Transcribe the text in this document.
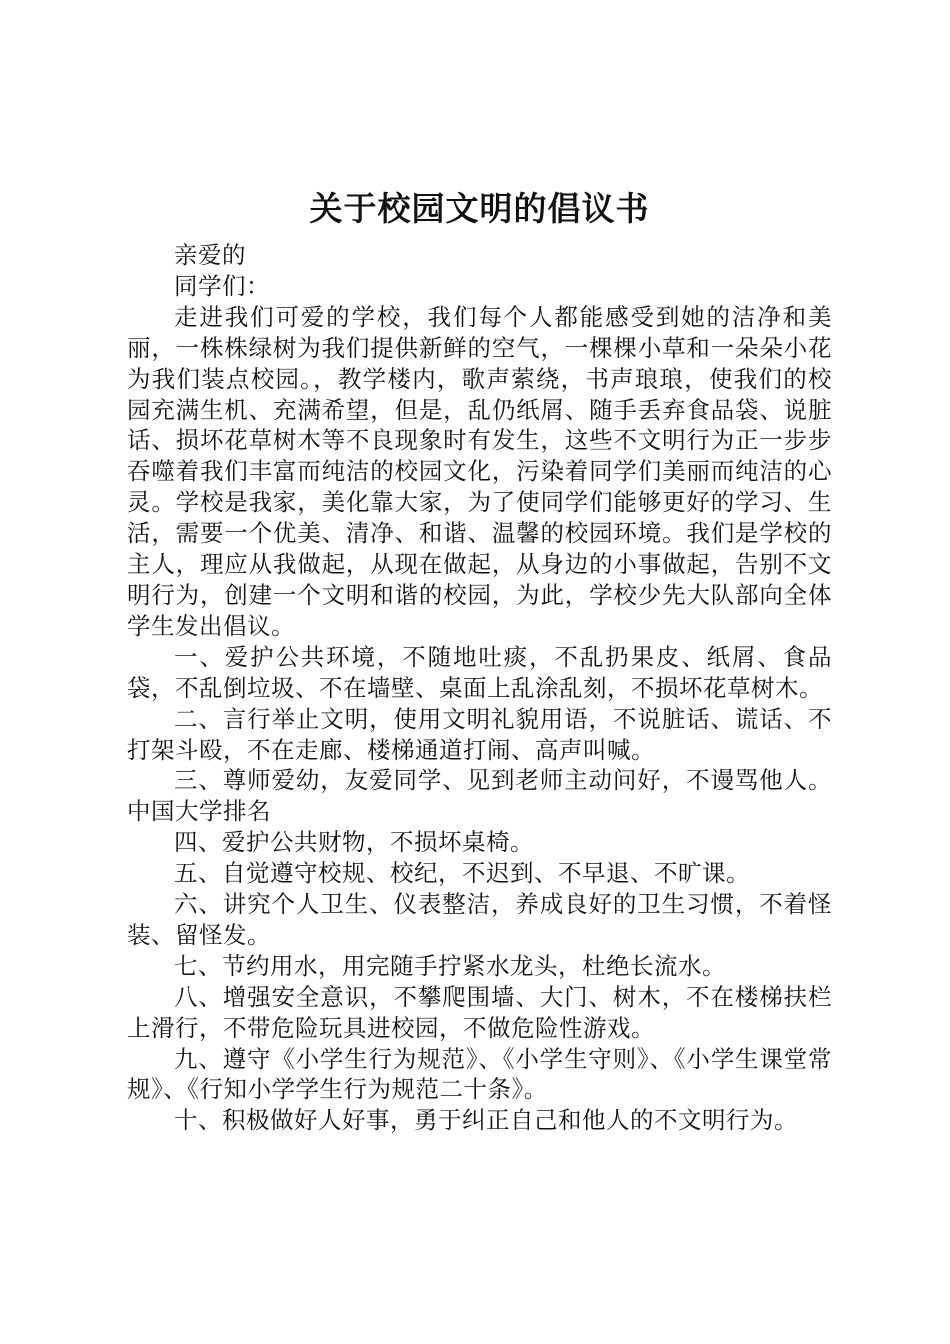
关于校园文明的倡议书

亲爱的

同学们：

走进我们可爱的学校，我们每个人都能感受到她的洁净和美丽，一株株绿树为我们提供新鲜的空气，一棵棵小草和一朵朵小花为我们装点校园。，教学楼内，歌声萦绕，书声琅琅，使我们的校园充满生机、充满希望，但是，乱仍纸屑、随手丢弃食品袋、说脏话、损坏花草树木等不良现象时有发生，这些不文明行为正一步步吞噬着我们丰富而纯洁的校园文化，污染着同学们美丽而纯洁的心灵。学校是我家，美化靠大家，为了使同学们能够更好的学习、生活，需要一个优美、清净、和谐、温馨的校园环境。我们是学校的主人，理应从我做起，从现在做起，从身边的小事做起，告别不文明行为，创建一个文明和谐的校园，为此，学校少先大队部向全体学生发出倡议。

一、爱护公共环境，不随地吐痰，不乱扔果皮、纸屑、食品袋，不乱倒垃圾、不在墙壁、桌面上乱涂乱刻，不损坏花草树木。

二、言行举止文明，使用文明礼貌用语，不说脏话、谎话、不打架斗殴，不在走廊、楼梯通道打闹、高声叫喊。

三、尊师爱幼，友爱同学、见到老师主动问好，不谩骂他人。中国大学排名

四、爱护公共财物，不损坏桌椅。

五、自觉遵守校规、校纪，不迟到、不早退、不旷课。

六、讲究个人卫生、仪表整洁，养成良好的卫生习惯，不着怪装、留怪发。

七、节约用水，用完随手拧紧水龙头，杜绝长流水。

八、增强安全意识，不攀爬围墙、大门、树木，不在楼梯扶栏上滑行，不带危险玩具进校园，不做危险性游戏。

九、遵守《小学生行为规范》、《小学生守则》、《小学生课堂常规》、《行知小学学生行为规范二十条》。

十、积极做好人好事，勇于纠正自己和他人的不文明行为。
